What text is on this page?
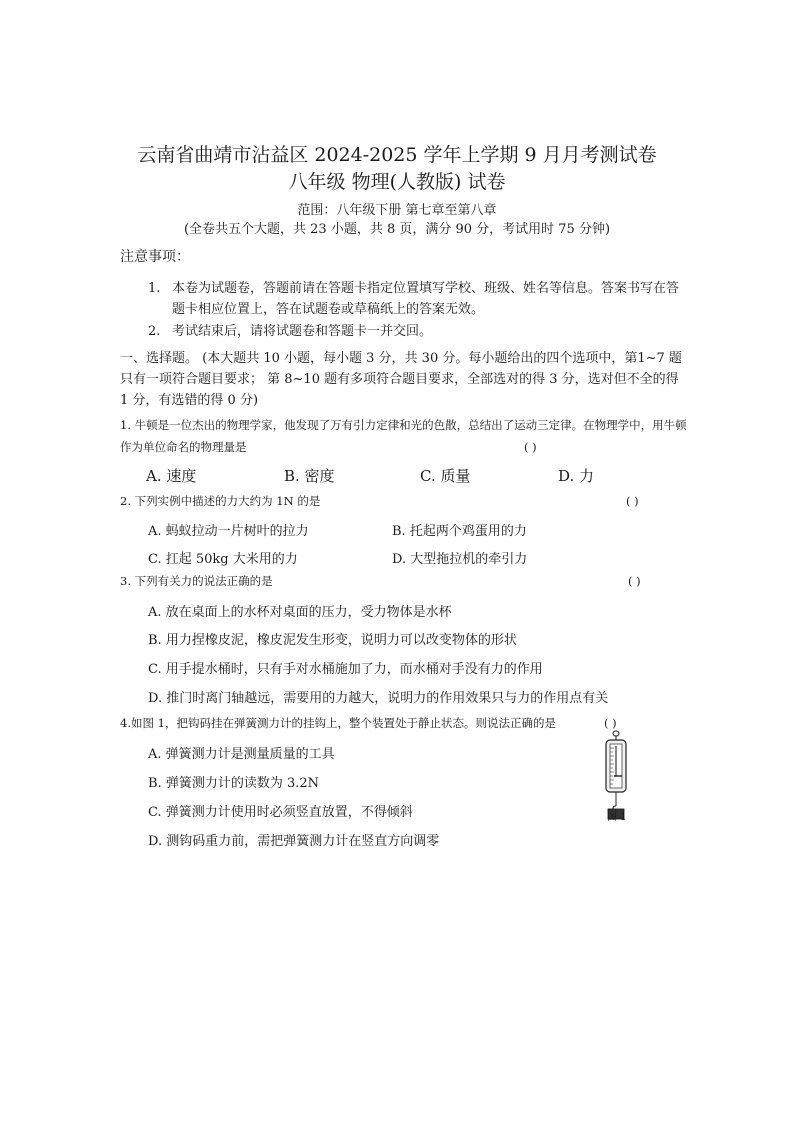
云南省曲靖市沾益区 2024-2025 学年上学期 9 月月考测试卷
八年级 物理(人教版) 试卷
范围：八年级下册 第七章至第八章
(全卷共五个大题，共 23 小题，共 8 页，满分 90 分，考试用时 75 分钟)
注意事项：
1. 本卷为试题卷，答题前请在答题卡指定位置填写学校、班级、姓名等信息。答案书写在答题卡相应位置上，答在试题卷或草稿纸上的答案无效。
2. 考试结束后，请将试题卷和答题卡一并交回。
一、选择题。 (本大题共 10 小题，每小题 3 分，共 30 分。每小题给出的四个选项中，第1~7 题只有一项符合题目要求； 第 8~10 题有多项符合题目要求，全部选对的得 3 分，选对但不全的得 1 分，有选错的得 0 分)
1. 牛顿是一位杰出的物理学家，他发现了万有引力定律和光的色散，总结出了运动三定律。在物理学中，用牛顿作为单位命名的物理量是	( )
A. 速度	B. 密度	C. 质量	D. 力
2. 下列实例中描述的力大约为 1N 的是	( )
A. 蚂蚁拉动一片树叶的拉力	B. 托起两个鸡蛋用的力
C. 扛起 50kg 大米用的力	D. 大型拖拉机的牵引力
3. 下列有关力的说法正确的是	( )
A. 放在桌面上的水杯对桌面的压力，受力物体是水杯
B. 用力捏橡皮泥，橡皮泥发生形变，说明力可以改变物体的形状
C. 用手提水桶时，只有手对水桶施加了力，而水桶对手没有力的作用
D. 推门时离门轴越远，需要用的力越大，说明力的作用效果只与力的作用点有关
4.如图 1，把钩码挂在弹簧测力计的挂钩上，整个装置处于静止状态。则说法正确的是	( )
A. 弹簧测力计是测量质量的工具
B. 弹簧测力计的读数为 3.2N
C. 弹簧测力计使用时必须竖直放置，不得倾斜
D. 测钩码重力前，需把弹簧测力计在竖直方向调零
图 1
